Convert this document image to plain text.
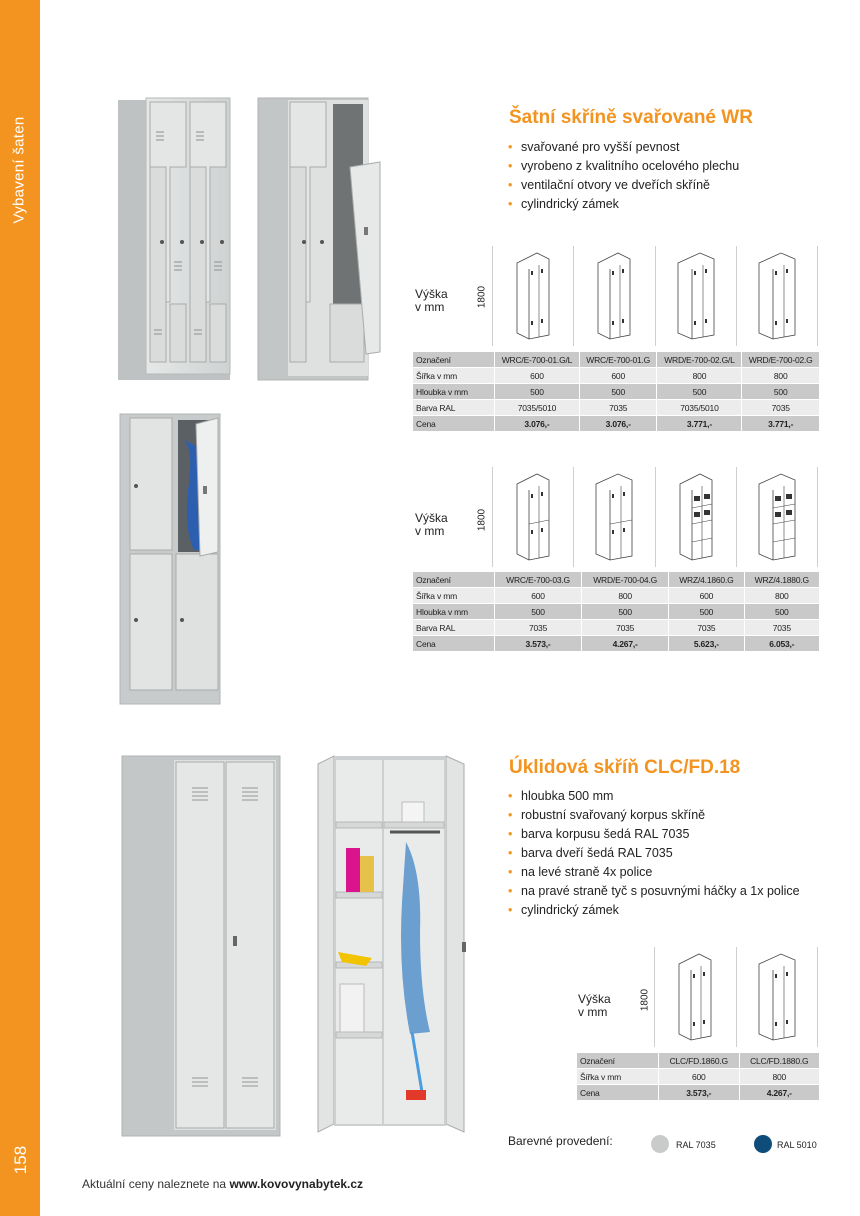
Vybavení šaten
158
Šatní skříně svařované WR
• svařované pro vyšší pevnost
• vyrobeno z kvalitního ocelového plechu
• ventilační otvory ve dveřích skříně
• cylindrický zámek
Výška
v mm	1800
Označení	WRC/E-700-01.G/L	WRC/E-700-01.G	WRD/E-700-02.G/L	WRD/E-700-02.G
Šířka v mm	600	600	800	800
Hloubka v mm	500	500	500	500
Barva RAL	7035/5010	7035	7035/5010	7035
Cena	3.076,-	3.076,-	3.771,-	3.771,-
Výška
v mm	1800
Označení	WRC/E-700-03.G	WRD/E-700-04.G	WRZ/4.1860.G	WRZ/4.1880.G
Šířka v mm	600	800	600	800
Hloubka v mm	500	500	500	500
Barva RAL	7035	7035	7035	7035
Cena	3.573,-	4.267,-	5.623,-	6.053,-
Úklidová skříň CLC/FD.18
• hloubka 500 mm
• robustní svařovaný korpus skříně
• barva korpusu šedá RAL 7035
• barva dveří šedá RAL 7035
• na levé straně 4x police
• na pravé straně tyč s posuvnými háčky a 1x police
• cylindrický zámek
Výška
v mm
1800
Označení	CLC/FD.1860.G	CLC/FD.1880.G
Šířka v mm	600	800
Cena	3.573,-	4.267,-
Barevné provedení:	RAL 7035	RAL 5010
Aktuální ceny naleznete na www.kovovynabytek.cz
